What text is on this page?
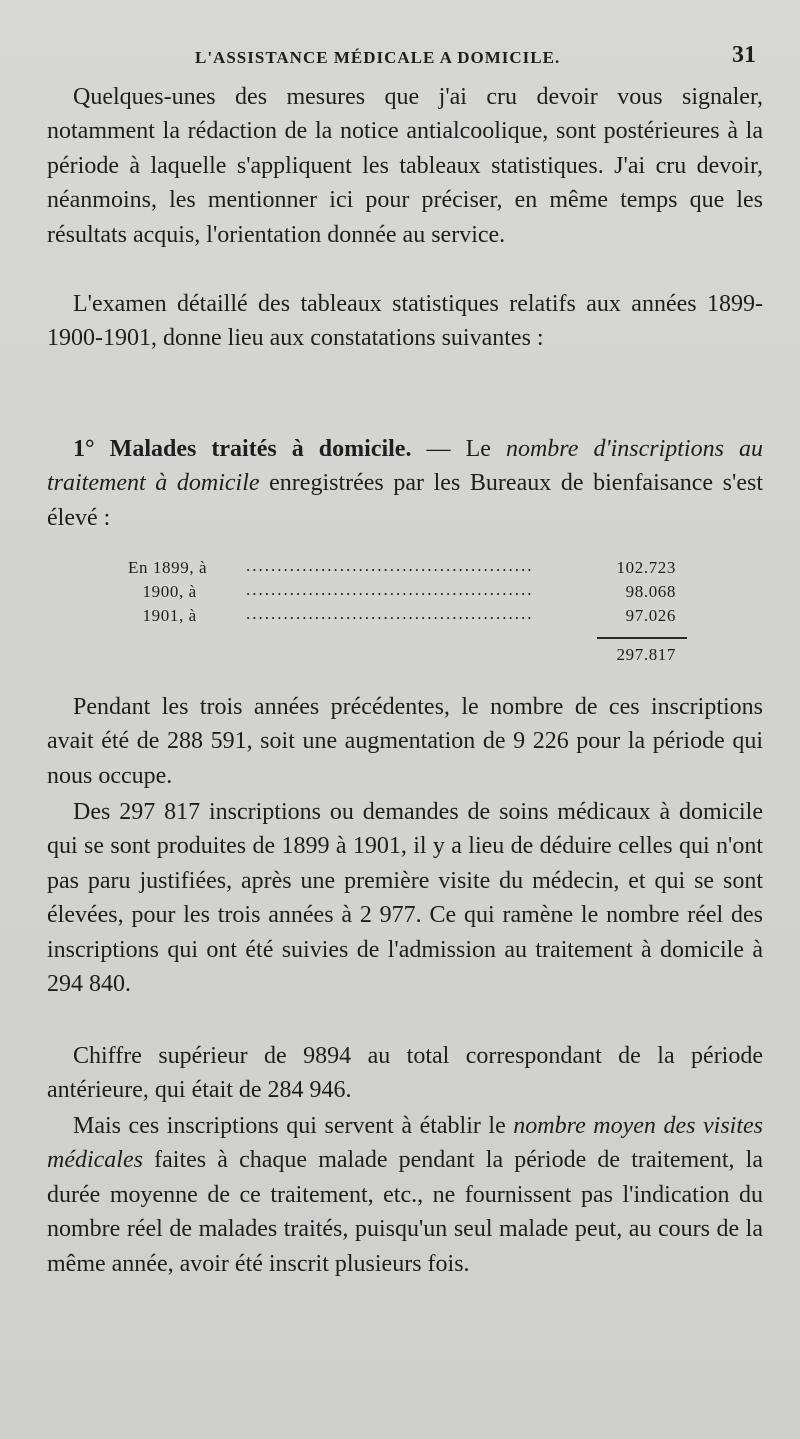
L'ASSISTANCE MÉDICALE A DOMICILE.	31

Quelques-unes des mesures que j'ai cru devoir vous signaler, notamment la rédaction de la notice antialcoolique, sont postérieures à la période à laquelle s'appliquent les tableaux statistiques. J'ai cru devoir, néanmoins, les mentionner ici pour préciser, en même temps que les résultats acquis, l'orientation donnée au service.

L'examen détaillé des tableaux statistiques relatifs aux années 1899-1900-1901, donne lieu aux constatations suivantes :

1° Malades traités à domicile. — Le nombre d'inscriptions au traitement à domicile enregistrées par les Bureaux de bienfaisance s'est élevé :

En 1899, à ..............................................	102.723
1900, à	..............................................	98.068
1901, à	..............................................	97.026
297.817

Pendant les trois années précédentes, le nombre de ces inscriptions avait été de 288 591, soit une augmentation de 9 226 pour la période qui nous occupe.

Des 297 817 inscriptions ou demandes de soins médicaux à domicile qui se sont produites de 1899 à 1901, il y a lieu de déduire celles qui n'ont pas paru justifiées, après une première visite du médecin, et qui se sont élevées, pour les trois années à 2 977. Ce qui ramène le nombre réel des inscriptions qui ont été suivies de l'admission au traitement à domicile à 294 840.

Chiffre supérieur de 9894 au total correspondant de la période antérieure, qui était de 284 946.

Mais ces inscriptions qui servent à établir le nombre moyen des visites médicales faites à chaque malade pendant la période de traitement, la durée moyenne de ce traitement, etc., ne fournissent pas l'indication du nombre réel de malades traités, puisqu'un seul malade peut, au cours de la même année, avoir été inscrit plusieurs fois.
